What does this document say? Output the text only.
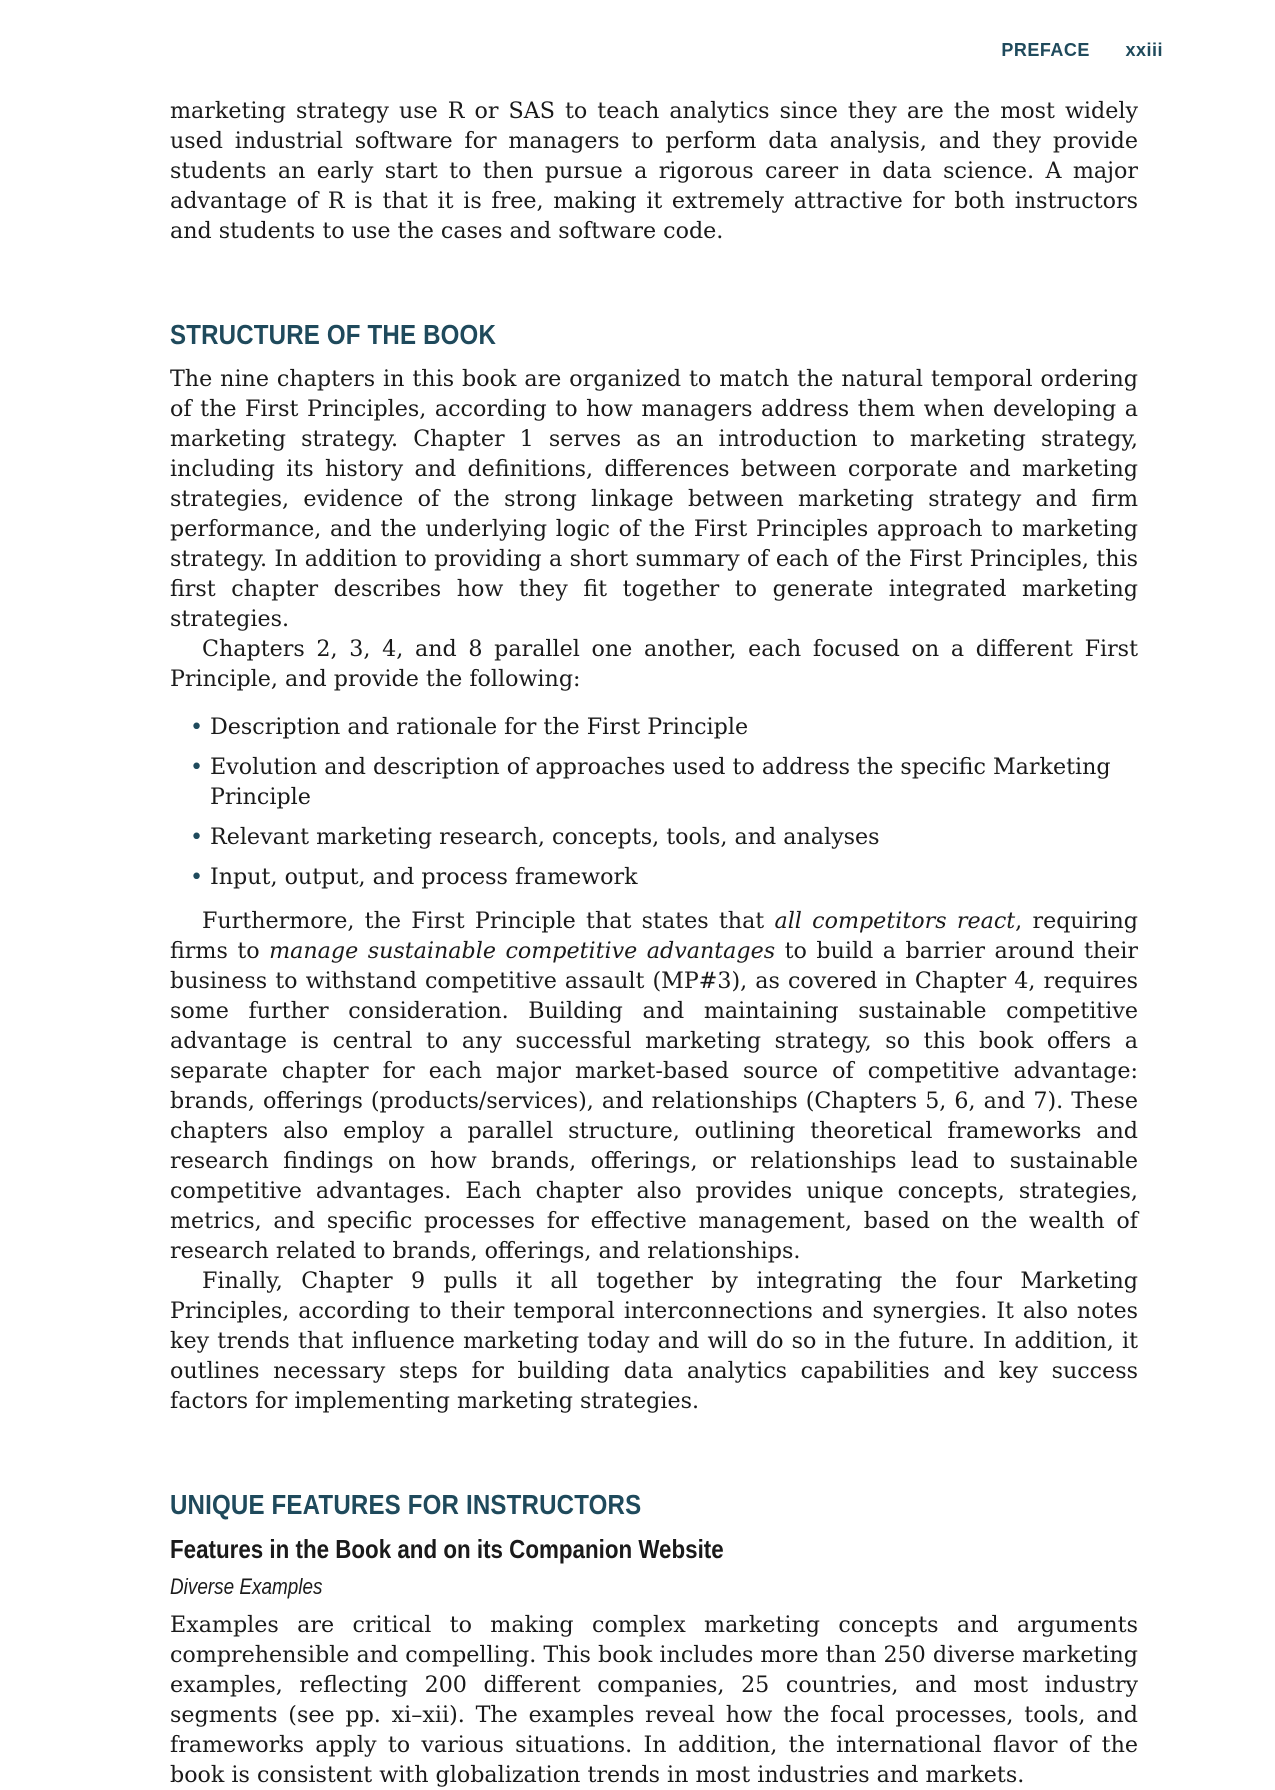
PREFACE xxiii

marketing strategy use R or SAS to teach analytics since they are the most widely used industrial software for managers to perform data analysis, and they provide students an early start to then pursue a rigorous career in data science. A major advantage of R is that it is free, making it extremely attractive for both instructors and students to use the cases and software code.

STRUCTURE OF THE BOOK

The nine chapters in this book are organized to match the natural temporal ordering of the First Principles, according to how managers address them when developing a marketing strategy. Chapter 1 serves as an introduction to marketing strategy, including its history and definitions, differences between corporate and marketing strategies, evidence of the strong linkage between marketing strategy and firm performance, and the underlying logic of the First Principles approach to marketing strategy. In addition to providing a short summary of each of the First Principles, this first chapter describes how they fit together to generate integrated marketing strategies.

Chapters 2, 3, 4, and 8 parallel one another, each focused on a different First Principle, and provide the following:

• Description and rationale for the First Principle
• Evolution and description of approaches used to address the specific Marketing Principle
• Relevant marketing research, concepts, tools, and analyses
• Input, output, and process framework

Furthermore, the First Principle that states that all competitors react, requiring firms to manage sustainable competitive advantages to build a barrier around their business to withstand competitive assault (MP#3), as covered in Chapter 4, requires some further consideration. Building and maintaining sustainable competitive advantage is central to any successful marketing strategy, so this book offers a separate chapter for each major market-based source of competitive advantage: brands, offerings (products/services), and relationships (Chapters 5, 6, and 7). These chapters also employ a parallel structure, outlining theoretical frameworks and research findings on how brands, offerings, or relationships lead to sustainable competitive advantages. Each chapter also provides unique concepts, strategies, metrics, and specific processes for effective management, based on the wealth of research related to brands, offerings, and relationships.

Finally, Chapter 9 pulls it all together by integrating the four Marketing Principles, according to their temporal interconnections and synergies. It also notes key trends that influence marketing today and will do so in the future. In addition, it outlines necessary steps for building data analytics capabilities and key success factors for implementing marketing strategies.

UNIQUE FEATURES FOR INSTRUCTORS
Features in the Book and on its Companion Website
Diverse Examples

Examples are critical to making complex marketing concepts and arguments comprehensible and compelling. This book includes more than 250 diverse marketing examples, reflecting 200 different companies, 25 countries, and most industry segments (see pp. xi–xii). The examples reveal how the focal processes, tools, and frameworks apply to various situations. In addition, the international flavor of the book is consistent with globalization trends in most industries and markets.
